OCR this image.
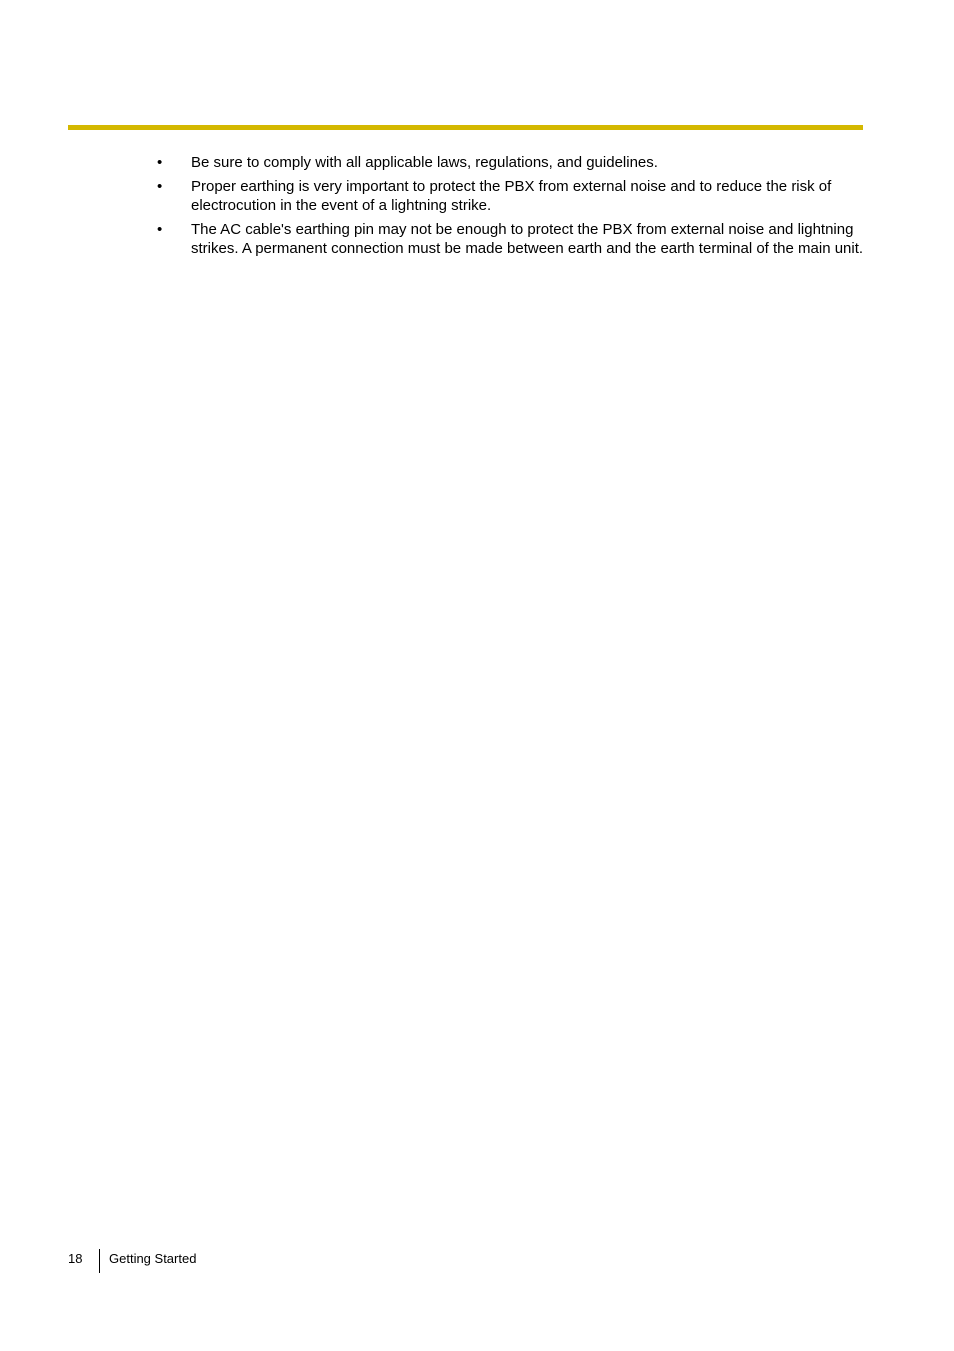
• Be sure to comply with all applicable laws, regulations, and guidelines.
• Proper earthing is very important to protect the PBX from external noise and to reduce the risk of electrocution in the event of a lightning strike.
• The AC cable's earthing pin may not be enough to protect the PBX from external noise and lightning strikes. A permanent connection must be made between earth and the earth terminal of the main unit.
18 Getting Started
